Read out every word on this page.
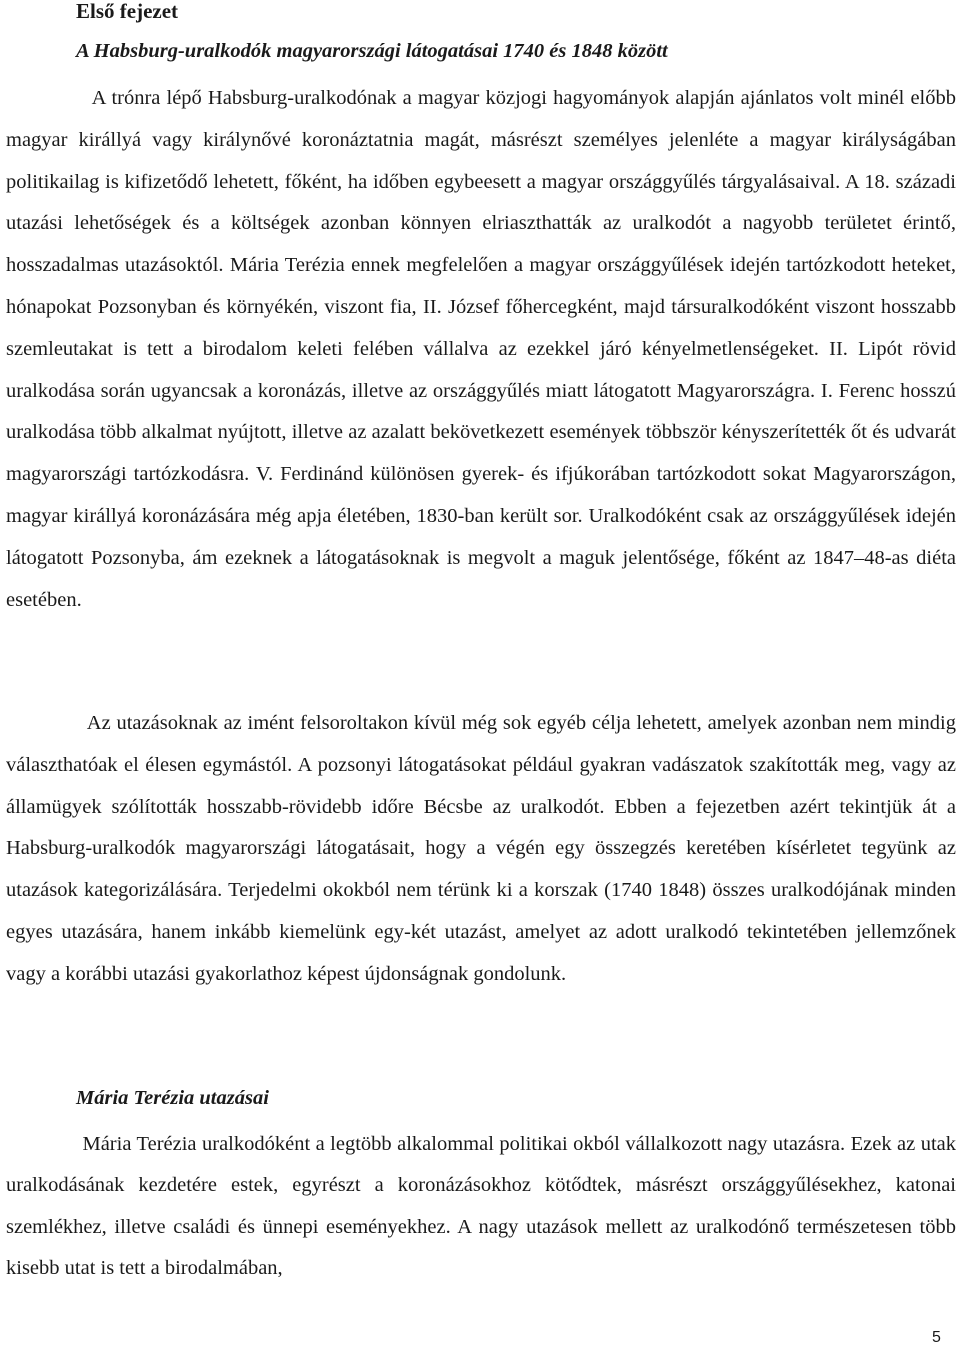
Első fejezet
A Habsburg-uralkodók magyarországi látogatásai 1740 és 1848 között

A trónra lépő Habsburg-uralkodónak a magyar közjogi hagyományok alapján ajánlatos volt minél előbb magyar királlyá vagy királynővé koronáztatnia magát, másrészt személyes jelenléte a magyar királyságában politikailag is kifizetődő lehetett, főként, ha időben egybeesett a magyar országgyűlés tárgyalásaival. A 18. századi utazási lehetőségek és a költségek azonban könnyen elriaszthatták az uralkodót a nagyobb területet érintő, hosszadalmas utazásoktól. Mária Terézia ennek megfelelően a magyar országgyűlések idején tartózkodott heteket, hónapokat Pozsonyban és környékén, viszont fia, II. József főhercegként, majd társuralkodóként viszont hosszabb szemleutakat is tett a birodalom keleti felében vállalva az ezekkel járó kényelmetlenségeket. II. Lipót rövid uralkodása során ugyancsak a koronázás, illetve az országgyűlés miatt látogatott Magyarországra. I. Ferenc hosszú uralkodása több alkalmat nyújtott, illetve az azalatt bekövetkezett események többször kényszerítették őt és udvarát magyarországi tartózkodásra. V. Ferdinánd különösen gyerek- és ifjúkorában tartózkodott sokat Magyarországon, magyar királlyá koronázására még apja életében, 1830-ban került sor. Uralkodóként csak az országgyűlések idején látogatott Pozsonyba, ám ezeknek a látogatásoknak is megvolt a maguk jelentősége, főként az 1847–48-as diéta esetében.

Az utazásoknak az imént felsoroltakon kívül még sok egyéb célja lehetett, amelyek azonban nem mindig választhatóak el élesen egymástól. A pozsonyi látogatásokat például gyakran vadászatok szakították meg, vagy az államügyek szólították hosszabb-rövidebb időre Bécsbe az uralkodót. Ebben a fejezetben azért tekintjük át a Habsburg-uralkodók magyarországi látogatásait, hogy a végén egy összegzés keretében kísérletet tegyünk az utazások kategorizálására. Terjedelmi okokból nem térünk ki a korszak (1740 1848) összes uralkodójának minden egyes utazására, hanem inkább kiemelünk egy-két utazást, amelyet az adott uralkodó tekintetében jellemzőnek vagy a korábbi utazási gyakorlathoz képest újdonságnak gondolunk.

Mária Terézia utazásai

Mária Terézia uralkodóként a legtöbb alkalommal politikai okból vállalkozott nagy utazásra. Ezek az utak uralkodásának kezdetére estek, egyrészt a koronázásokhoz kötődtek, másrészt országgyűlésekhez, katonai szemlékhez, illetve családi és ünnepi eseményekhez. A nagy utazások mellett az uralkodónő természetesen több kisebb utat is tett a birodalmában,

5
